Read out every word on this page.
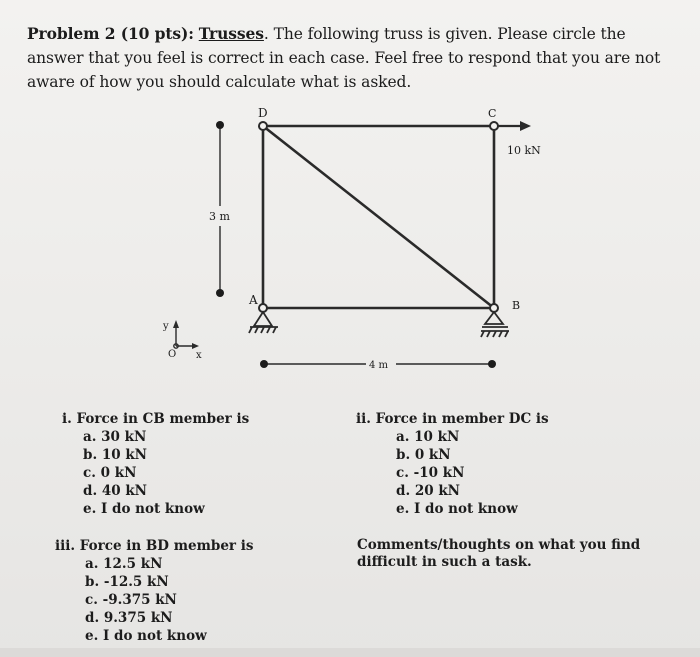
Problem 2 (10 pts): Trusses. The following truss is given. Please circle the answer that you feel is correct in each case. Feel free to respond that you are not aware of how you should calculate what is asked.
D	C
A	B
10 kN
3 m
4 m
y
x
O
i. Force in CB member is
a. 30 kN
b. 10 kN
c. 0 kN
d. 40 kN
e. I do not know
ii. Force in member DC is
a. 10 kN
b. 0 kN
c. -10 kN
d. 20 kN
e. I do not know
iii. Force in BD member is
a. 12.5 kN
b. -12.5 kN
c. -9.375 kN
d. 9.375 kN
e. I do not know
Comments/thoughts on what you find difficult in such a task.
